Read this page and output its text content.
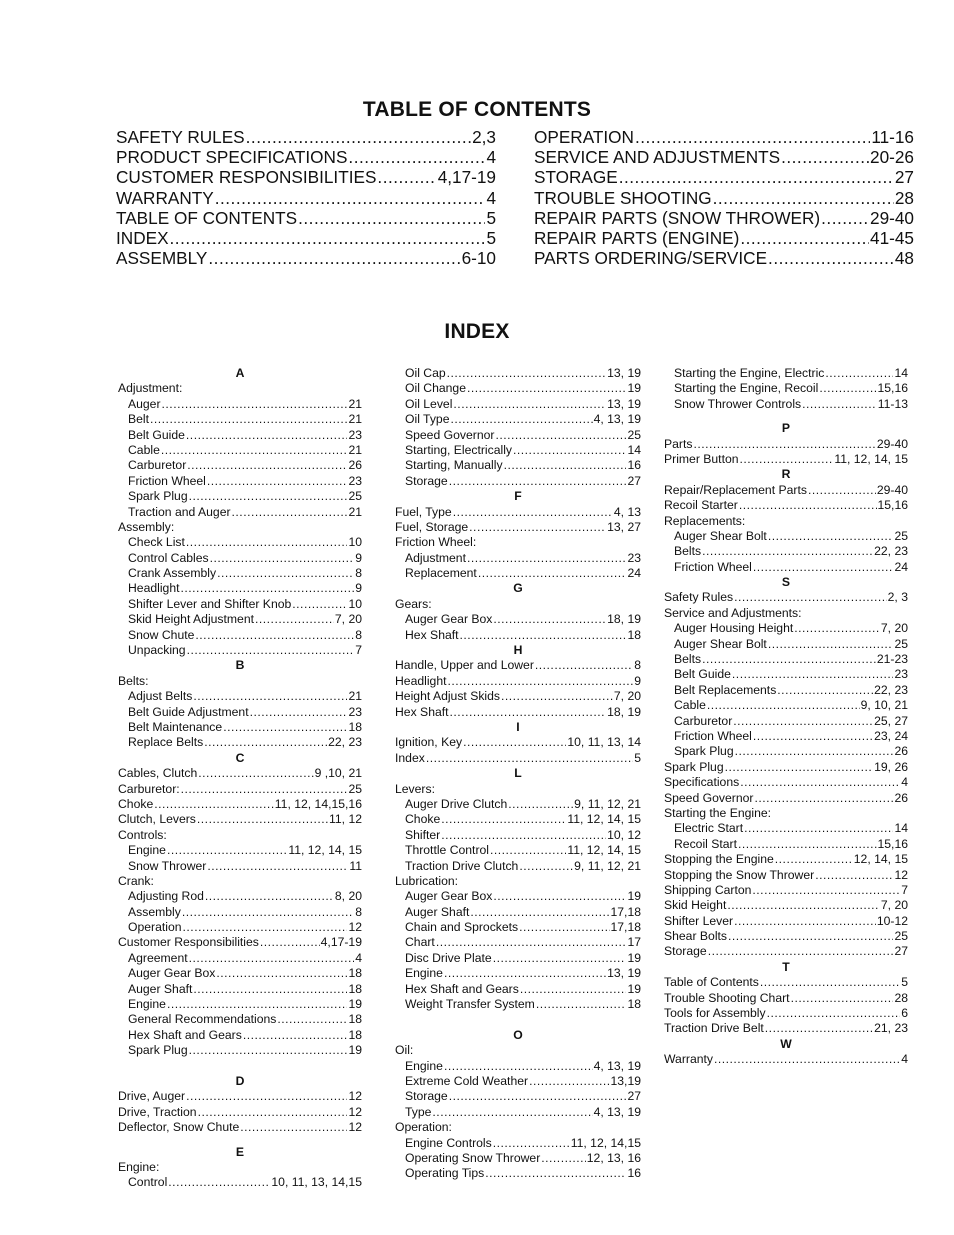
TABLE OF CONTENTS
SAFETY RULES .....	2,3
PRODUCT SPECIFICATIONS .....	4
CUSTOMER RESPONSIBILITIES .....	4,17-19
WARRANTY .....	4
TABLE OF CONTENTS .....	5
INDEX .....	5
ASSEMBLY .....	6-10
OPERATION .....	11-16
SERVICE AND ADJUSTMENTS .....	20-26
STORAGE .....	27
TROUBLE SHOOTING .....	28
REPAIR PARTS (SNOW THROWER) .....	29-40
REPAIR PARTS (ENGINE) .....	41-45
PARTS ORDERING/SERVICE .....	48
INDEX
A
Adjustment:
Auger .....	21
Belt .....	21
Belt Guide .....	23
Cable .....	21
Carburetor .....	26
Friction Wheel .....	23
Spark Plug .....	25
Traction and Auger .....	21
Assembly:
Check List .....	10
Control Cables .....	9
Crank Assembly .....	8
Headlight .....	9
Shifter Lever and Shifter Knob .....	10
Skid Height Adjustment .....	7, 20
Snow Chute .....	8
Unpacking .....	7
B
Belts:
Adjust Belts .....	21
Belt Guide Adjustment .....	23
Belt Maintenance .....	18
Replace Belts .....	22, 23
C
Cables, Clutch .....	9 ,10, 21
Carburetor: .....	25
Choke .....	11, 12, 14,15,16
Clutch, Levers .....	11, 12
Controls:
Engine .....	11, 12, 14, 15
Snow Thrower .....	11
Crank:
Adjusting Rod .....	8, 20
Assembly .....	8
Operation .....	12
Customer Responsibilities .....	4,17-19
Agreement .....	4
Auger Gear Box .....	18
Auger Shaft .....	18
Engine .....	19
General Recommendations .....	18
Hex Shaft and Gears .....	18
Spark Plug .....	19
D
Drive, Auger .....	12
Drive, Traction .....	12
Deflector, Snow Chute .....	12
E
Engine:
Control .....	10, 11, 13, 14,15
Oil Cap .....	13, 19
Oil Change .....	19
Oil Level .....	13, 19
Oil Type .....	4, 13, 19
Speed Governor .....	25
Starting, Electrically .....	14
Starting, Manually .....	16
Storage .....	27
F
Fuel, Type .....	4, 13
Fuel, Storage .....	13, 27
Friction Wheel:
Adjustment .....	23
Replacement .....	24
G
Gears:
Auger Gear Box .....	18, 19
Hex Shaft .....	18
H
Handle, Upper and Lower .....	8
Headlight .....	9
Height Adjust Skids .....	7, 20
Hex Shaft .....	18, 19
I
Ignition, Key .....	10, 11, 13, 14
Index .....	5
L
Levers:
Auger Drive Clutch .....	9, 11, 12, 21
Choke .....	11, 12, 14, 15
Shifter .....	10, 12
Throttle Control .....	11, 12, 14, 15
Traction Drive Clutch .....	9, 11, 12, 21
Lubrication:
Auger Gear Box .....	19
Auger Shaft .....	17,18
Chain and Sprockets .....	17,18
Chart .....	17
Disc Drive Plate .....	19
Engine .....	13, 19
Hex Shaft and Gears .....	19
Weight Transfer System .....	18
O
Oil:
Engine .....	4, 13, 19
Extreme Cold Weather .....	13,19
Storage .....	27
Type .....	4, 13, 19
Operation:
Engine Controls .....	11, 12, 14,15
Operating Snow Thrower .....	12, 13, 16
Operating Tips .....	16
Starting the Engine, Electric .....	14
Starting the Engine, Recoil .....	15,16
Snow Thrower Controls .....	11-13
P
Parts .....	29-40
Primer Button .....	11, 12, 14, 15
R
Repair/Replacement Parts .....	29-40
Recoil Starter .....	15,16
Replacements:
Auger Shear Bolt .....	25
Belts .....	22, 23
Friction Wheel .....	24
S
Safety Rules .....	2, 3
Service and Adjustments:
Auger Housing Height .....	7, 20
Auger Shear Bolt .....	25
Belts .....	21-23
Belt Guide .....	23
Belt Replacements .....	22, 23
Cable .....	9, 10, 21
Carburetor .....	25, 27
Friction Wheel .....	23, 24
Spark Plug .....	26
Spark Plug .....	19, 26
Specifications .....	4
Speed Governor .....	26
Starting the Engine:
Electric Start .....	14
Recoil Start .....	15,16
Stopping the Engine .....	12, 14, 15
Stopping the Snow Thrower .....	12
Shipping Carton .....	7
Skid Height .....	7, 20
Shifter Lever .....	10-12
Shear Bolts .....	25
Storage .....	27
T
Table of Contents .....	5
Trouble Shooting Chart .....	28
Tools for Assembly .....	6
Traction Drive Belt .....	21, 23
W
Warranty .....	4
